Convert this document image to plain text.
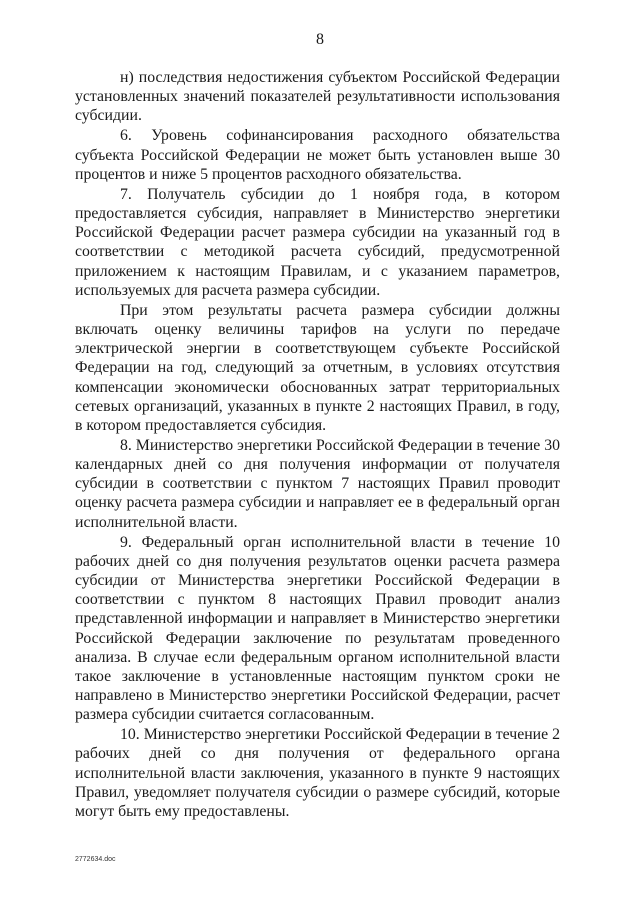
8

н) последствия недостижения субъектом Российской Федерации установленных значений показателей результативности использования субсидии.

6. Уровень софинансирования расходного обязательства субъекта Российской Федерации не может быть установлен выше 30 процентов и ниже 5 процентов расходного обязательства.

7. Получатель субсидии до 1 ноября года, в котором предоставляется субсидия, направляет в Министерство энергетики Российской Федерации расчет размера субсидии на указанный год в соответствии с методикой расчета субсидий, предусмотренной приложением к настоящим Правилам, и с указанием параметров, используемых для расчета размера субсидии.

При этом результаты расчета размера субсидии должны включать оценку величины тарифов на услуги по передаче электрической энергии в соответствующем субъекте Российской Федерации на год, следующий за отчетным, в условиях отсутствия компенсации экономически обоснованных затрат территориальных сетевых организаций, указанных в пункте 2 настоящих Правил, в году, в котором предоставляется субсидия.

8. Министерство энергетики Российской Федерации в течение 30 календарных дней со дня получения информации от получателя субсидии в соответствии с пунктом 7 настоящих Правил проводит оценку расчета размера субсидии и направляет ее в федеральный орган исполнительной власти.

9. Федеральный орган исполнительной власти в течение 10 рабочих дней со дня получения результатов оценки расчета размера субсидии от Министерства энергетики Российской Федерации в соответствии с пунктом 8 настоящих Правил проводит анализ представленной информации и направляет в Министерство энергетики Российской Федерации заключение по результатам проведенного анализа. В случае если федеральным органом исполнительной власти такое заключение в установленные настоящим пунктом сроки не направлено в Министерство энергетики Российской Федерации, расчет размера субсидии считается согласованным.

10. Министерство энергетики Российской Федерации в течение 2 рабочих дней со дня получения от федерального органа исполнительной власти заключения, указанного в пункте 9 настоящих Правил, уведомляет получателя субсидии о размере субсидий, которые могут быть ему предоставлены.

2772634.doc
